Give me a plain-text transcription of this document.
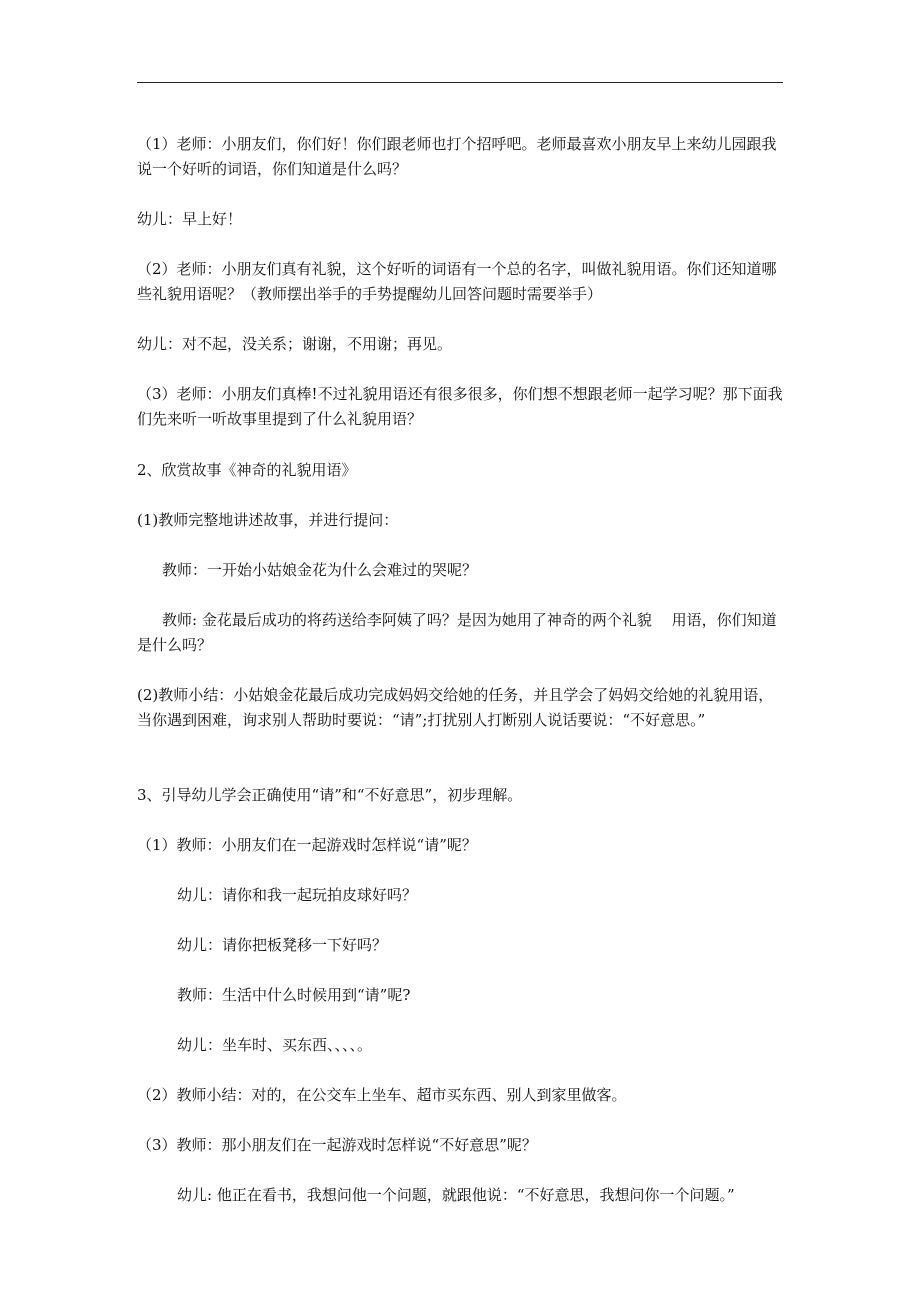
（1）老师：小朋友们，你们好！你们跟老师也打个招呼吧。老师最喜欢小朋友早上来幼儿园跟我说一个好听的词语，你们知道是什么吗？

幼儿：早上好！

（2）老师：小朋友们真有礼貌，这个好听的词语有一个总的名字，叫做礼貌用语。你们还知道哪些礼貌用语呢？（教师摆出举手的手势提醒幼儿回答问题时需要举手）

幼儿：对不起，没关系；谢谢，不用谢；再见。

（3）老师：小朋友们真棒!不过礼貌用语还有很多很多，你们想不想跟老师一起学习呢？那下面我们先来听一听故事里提到了什么礼貌用语？

2、欣赏故事《神奇的礼貌用语》

(1)教师完整地讲述故事，并进行提问：

教师：一开始小姑娘金花为什么会难过的哭呢？

教师: 金花最后成功的将药送给李阿姨了吗？是因为她用了神奇的两个礼貌　 用语，你们知道是什么吗？

(2)教师小结：小姑娘金花最后成功完成妈妈交给她的任务，并且学会了妈妈交给她的礼貌用语，当你遇到困难，询求别人帮助时要说：“请”;打扰别人打断别人说话要说：“不好意思。”

3、引导幼儿学会正确使用“请”和“不好意思”，初步理解。

（1）教师：小朋友们在一起游戏时怎样说“请”呢？

幼儿：请你和我一起玩拍皮球好吗？

幼儿：请你把板凳移一下好吗？

教师：生活中什么时候用到“请”呢?

幼儿：坐车时、买东西、、、、。

（2）教师小结：对的，在公交车上坐车、超市买东西、别人到家里做客。

（3）教师：那小朋友们在一起游戏时怎样说“不好意思”呢？

幼儿: 他正在看书，我想问他一个问题，就跟他说：“不好意思，我想问你一个问题。”
